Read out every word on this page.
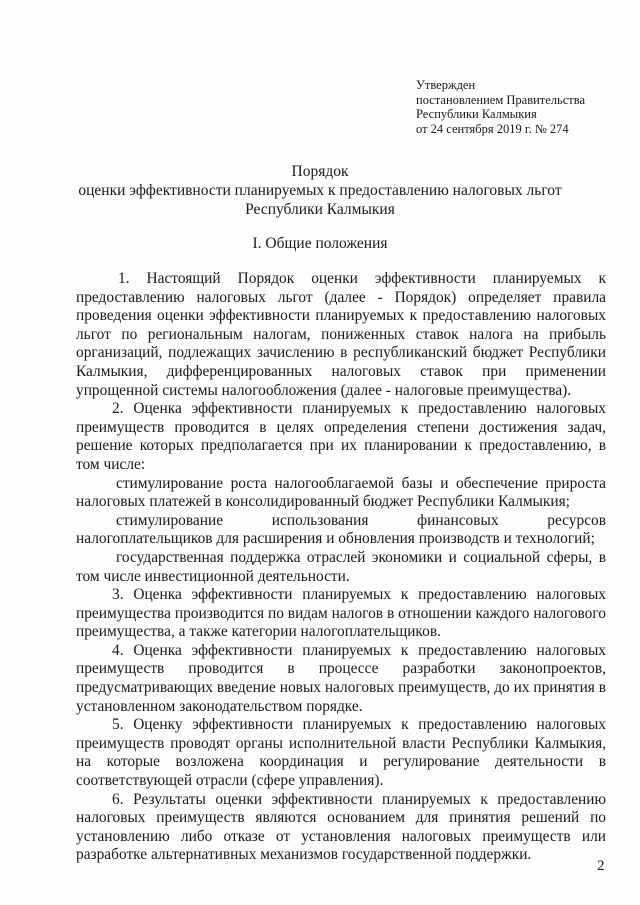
Утвержден
постановлением Правительства
Республики Калмыкия
от 24 сентября 2019 г. № 274
Порядок
оценки эффективности планируемых к предоставлению налоговых льгот
Республики Калмыкия
I. Общие положения

1. Настоящий Порядок оценки эффективности планируемых к предоставлению налоговых льгот (далее - Порядок) определяет правила проведения оценки эффективности планируемых к предоставлению налоговых льгот по региональным налогам, пониженных ставок налога на прибыль организаций, подлежащих зачислению в республиканский бюджет Республики Калмыкия, дифференцированных налоговых ставок при применении упрощенной системы налогообложения (далее - налоговые преимущества).

2. Оценка эффективности планируемых к предоставлению налоговых преимуществ проводится в целях определения степени достижения задач, решение которых предполагается при их планировании к предоставлению, в том числе:

стимулирование роста налогооблагаемой базы и обеспечение прироста налоговых платежей в консолидированный бюджет Республики Калмыкия;

стимулирование использования финансовых ресурсов налогоплательщиков для расширения и обновления производств и технологий;

государственная поддержка отраслей экономики и социальной сферы, в том числе инвестиционной деятельности.

3. Оценка эффективности планируемых к предоставлению налоговых преимущества производится по видам налогов в отношении каждого налогового преимущества, а также категории налогоплательщиков.

4. Оценка эффективности планируемых к предоставлению налоговых преимуществ проводится в процессе разработки законопроектов, предусматривающих введение новых налоговых преимуществ, до их принятия в установленном законодательством порядке.

5. Оценку эффективности планируемых к предоставлению налоговых преимуществ проводят органы исполнительной власти Республики Калмыкия, на которые возложена координация и регулирование деятельности в соответствующей отрасли (сфере управления).

6. Результаты оценки эффективности планируемых к предоставлению налоговых преимуществ являются основанием для принятия решений по установлению либо отказе от установления налоговых преимуществ или разработке альтернативных механизмов государственной поддержки.

2
